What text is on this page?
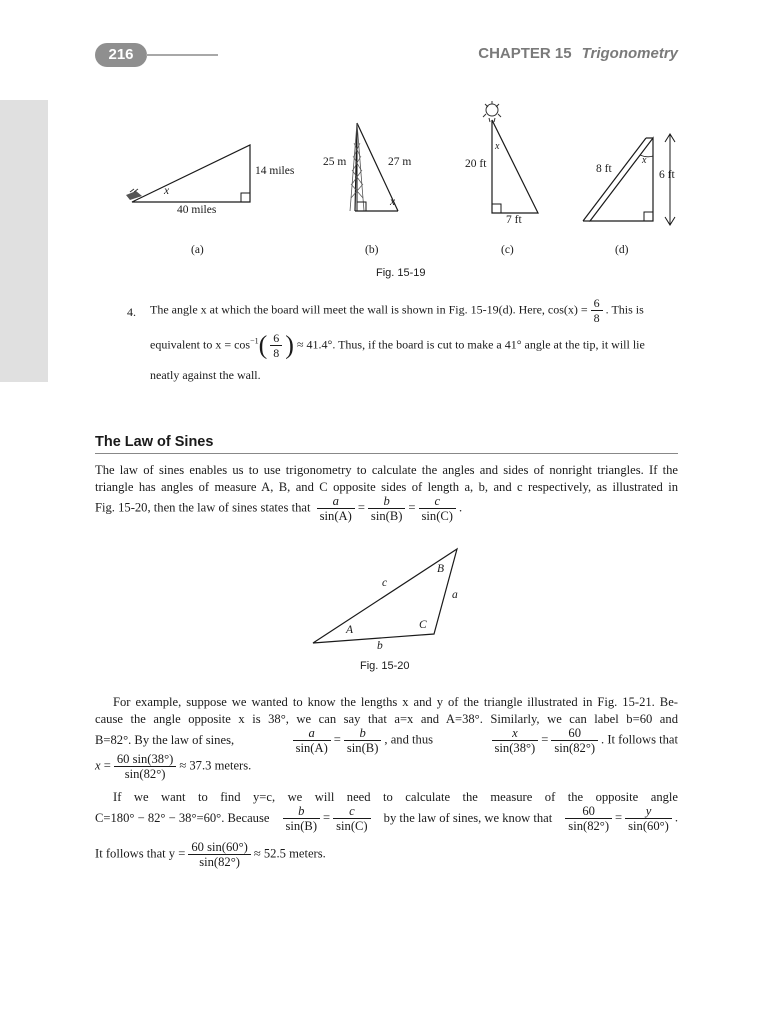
216	CHAPTER 15 Trigonometry
14 miles
x
40 miles
(a)
25 m	27 m
x
(b)
x
20 ft
7 ft
(c)
8 ft
x
6 ft
(d)
Fig. 15-19
4. The angle x at which the board will meet the wall is shown in Fig. 15-19(d). Here, $\cos(x) = \frac{6}{8}$ . This is
equivalent to $x = \cos^{-1}( \frac{6}{8}$ ) ≈ 41.4°. Thus, if the board is cut to make a 41° angle at the tip, it will lie
neatly against the wall.
The Law of Sines
The law of sines enables us to use trigonometry to calculate the angles and sides of nonright triangles. If the
triangle has angles of measure A, B, and C opposite sides of length a, b, and c respectively, as illustrated in
Fig. 15-20, then the law of sines states that $\frac{a}{\sin(A)} = \frac{b}{\sin(B)} = \frac{c}{\sin(C)}$ .
B
a
c
C
A
b
Fig. 15-20
For example, suppose we wanted to know the lengths x and y of the triangle illustrated in Fig. 15-21. Be-
cause the angle opposite x is 38°, we can say that a=x and A=38°. Similarly, we can label b=60 and
B=82°. By the law of sines,	$\frac{a}{\sin(A)} = \frac{b}{\sin(B)}$ , and thus	$\frac{x}{\sin(38^\circ)} = \frac{60}{\sin(82^\circ)}$ . It follows that
$x = \frac{60 \sin(38^\circ)}{\sin(82^\circ)} \approx 37.3$ meters.
If we want to find y=c, we will need to calculate the measure of the opposite angle
C=180° − 82° − 38°=60°. Because $\frac{b}{\sin(B)} = \frac{c}{\sin(C)}$ by the law of sines, we know that $\frac{60}{\sin(82^\circ)} = \frac{y}{\sin(60^\circ)}$ .
It follows that $y = \frac{60 \sin(60^\circ)}{\sin(82^\circ)} \approx 52.5$ meters.
